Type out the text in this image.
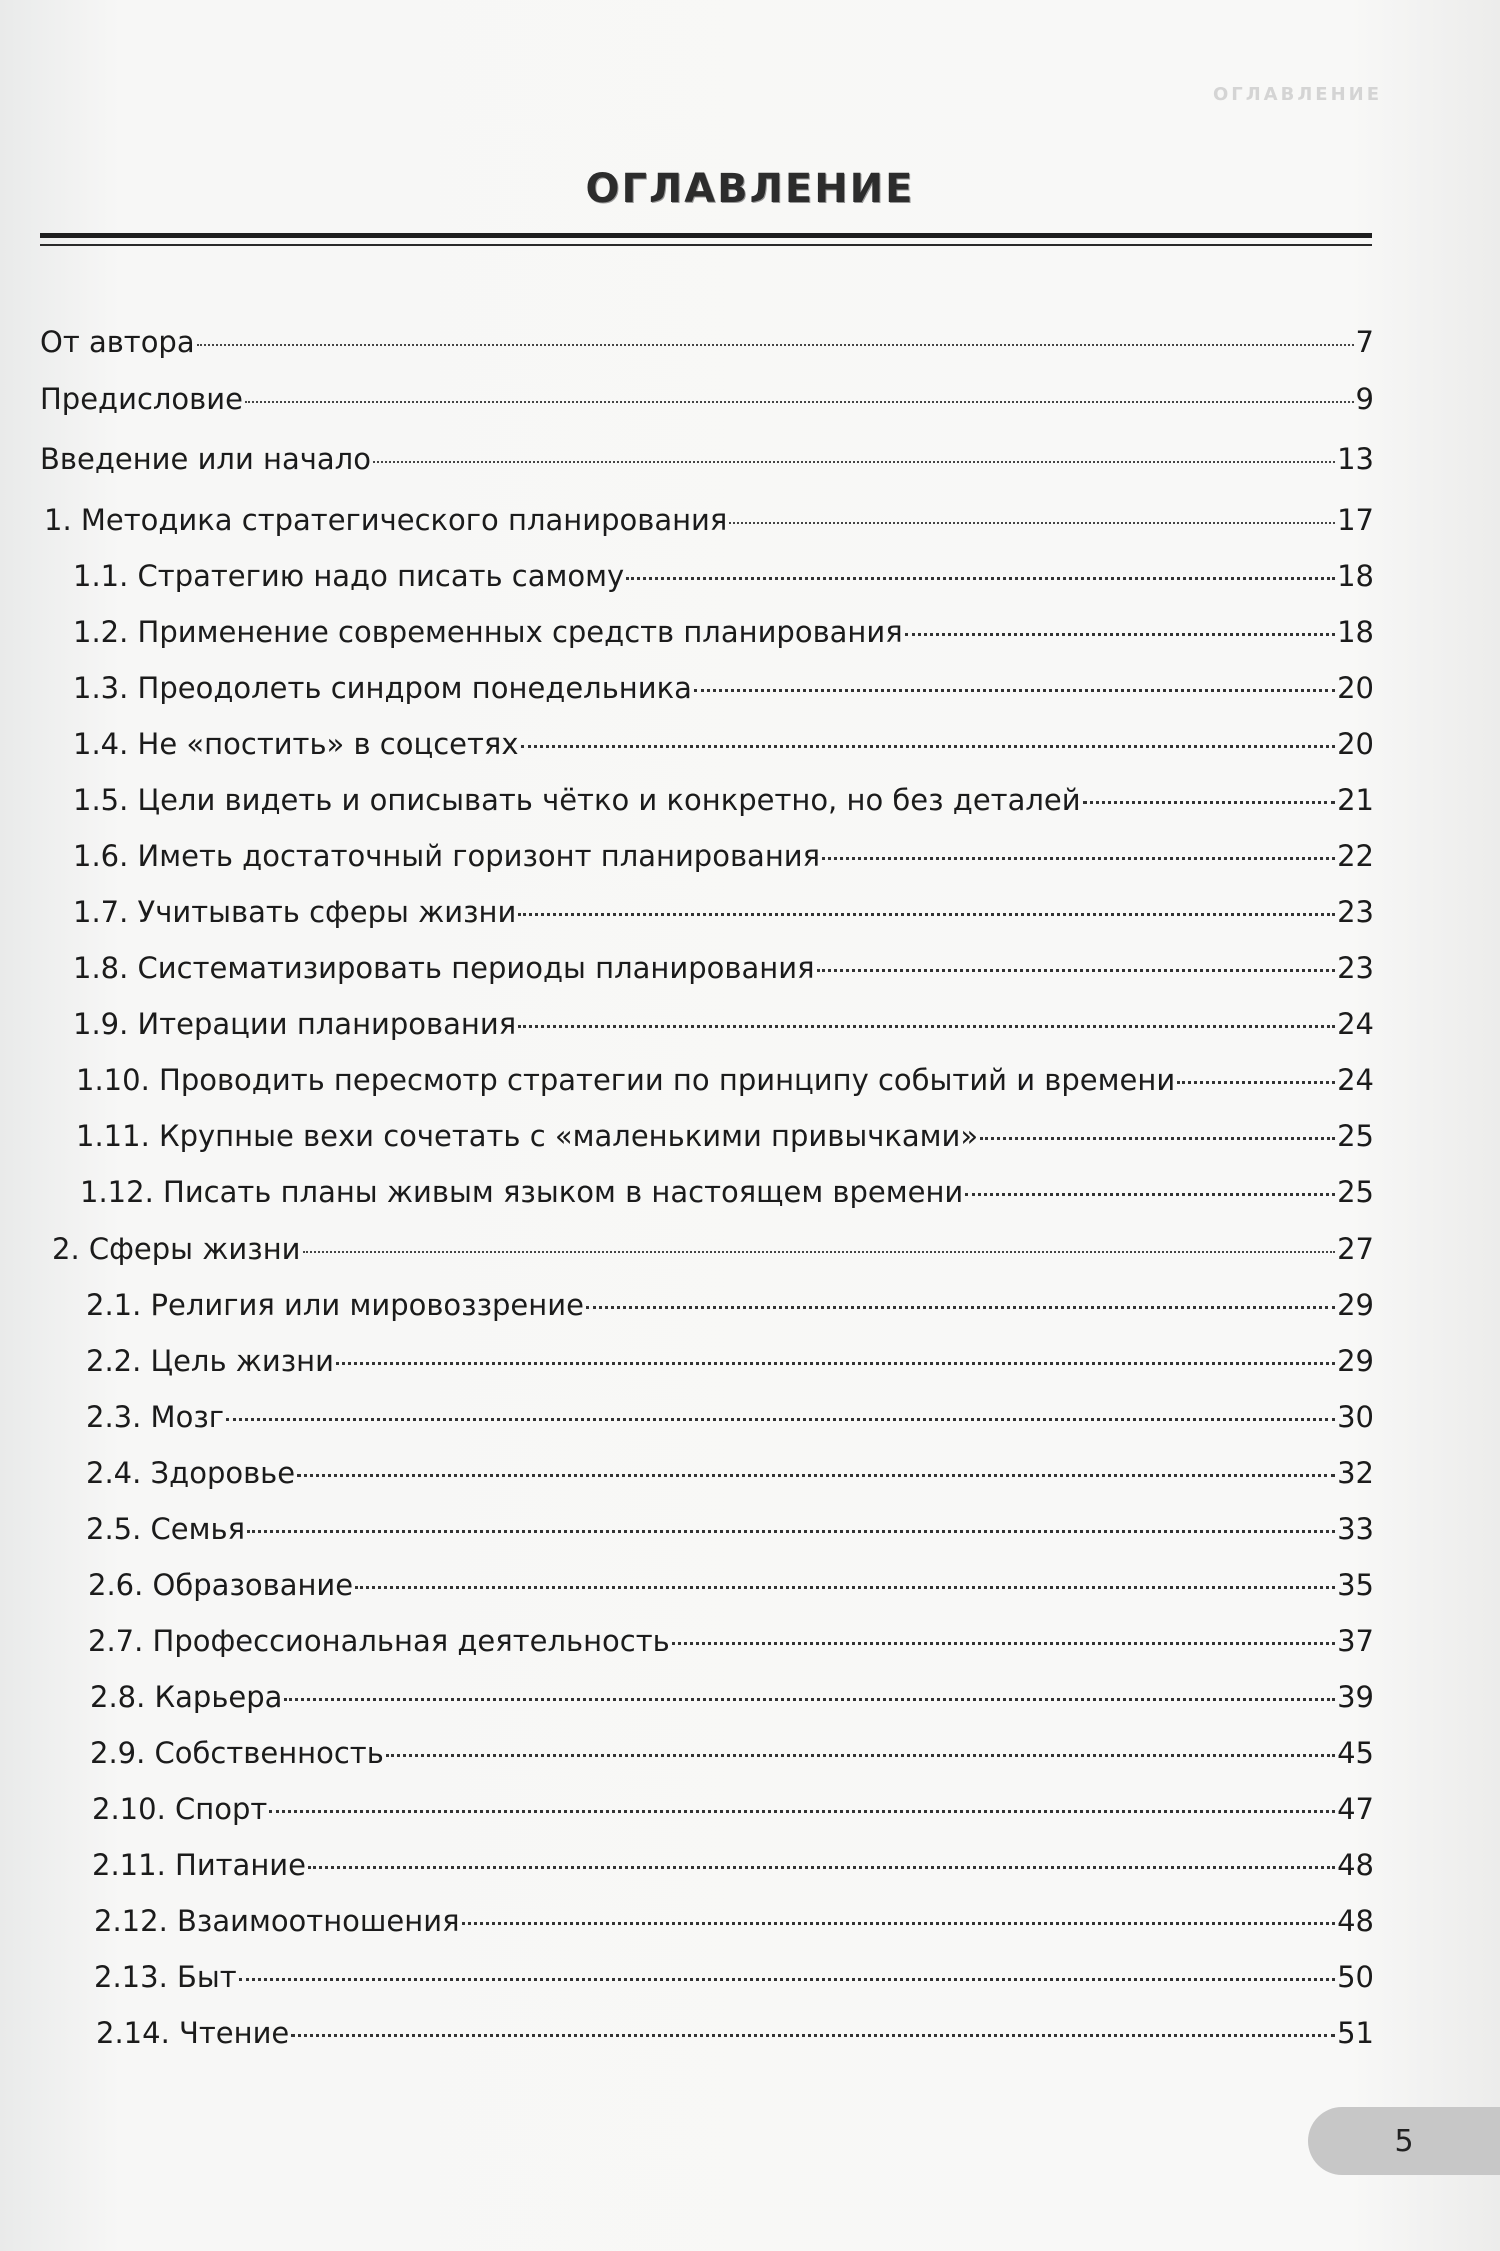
ОГЛАВЛЕНИЕ
ОГЛАВЛЕНИЕ
От автора	7
Предисловие	9
Введение или начало	13
1. Методика стратегического планирования	17
1.1. Стратегию надо писать самому	18
1.2. Применение современных средств планирования	18
1.3. Преодолеть синдром понедельника	20
1.4. Не «постить» в соцсетях	20
1.5. Цели видеть и описывать чётко и конкретно, но без деталей	21
1.6. Иметь достаточный горизонт планирования	22
1.7. Учитывать сферы жизни	23
1.8. Систематизировать периоды планирования	23
1.9. Итерации планирования	24
1.10. Проводить пересмотр стратегии по принципу событий и времени	24
1.11. Крупные вехи сочетать с «маленькими привычками»	25
1.12. Писать планы живым языком в настоящем времени	25
2. Сферы жизни	27
2.1. Религия или мировоззрение	29
2.2. Цель жизни	29
2.3. Мозг	30
2.4. Здоровье	32
2.5. Семья	33
2.6. Образование	35
2.7. Профессиональная деятельность	37
2.8. Карьера	39
2.9. Собственность	45
2.10. Спорт	47
2.11. Питание	48
2.12. Взаимоотношения	48
2.13. Быт	50
2.14. Чтение	51
5
